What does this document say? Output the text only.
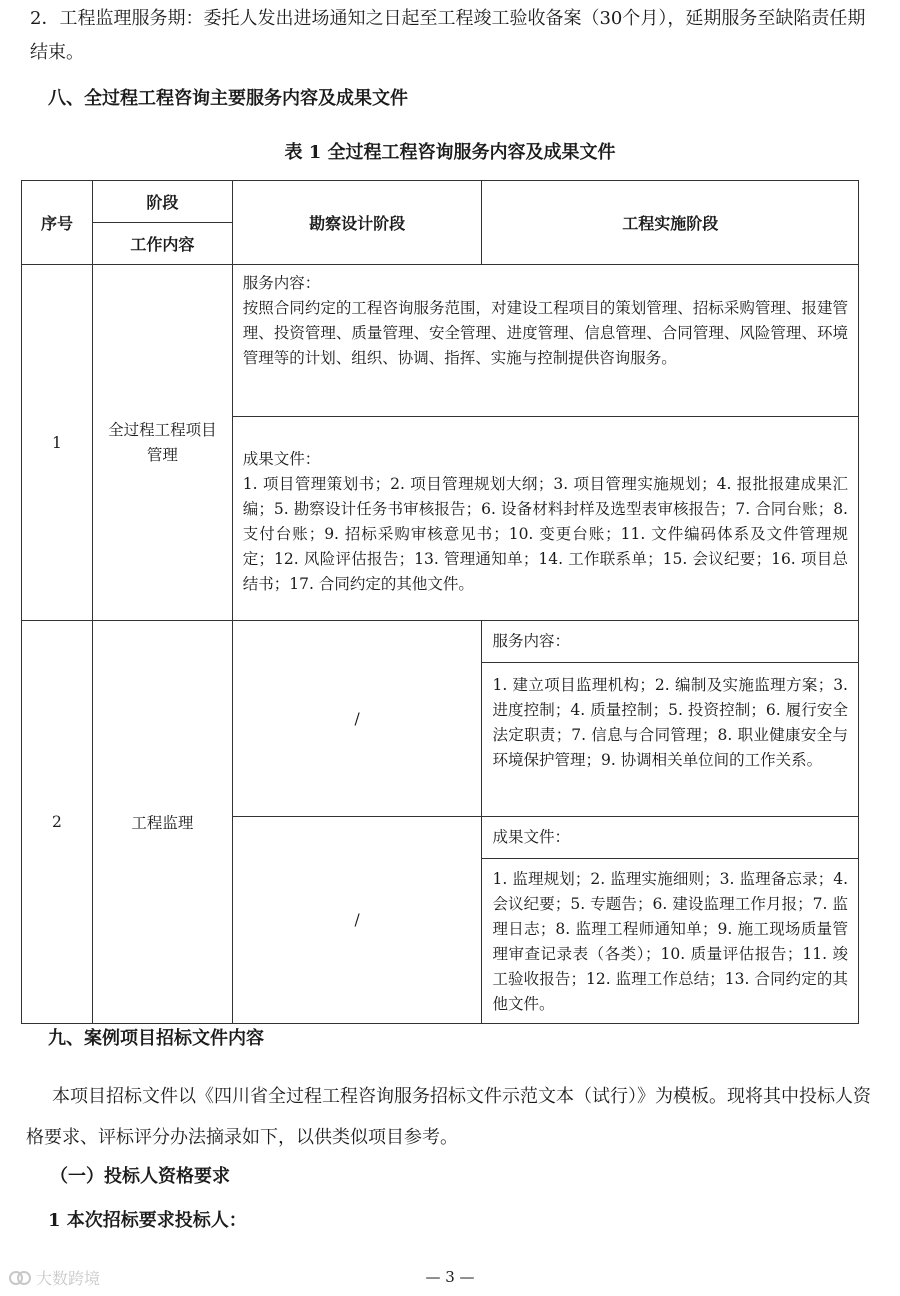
2．工程监理服务期：委托人发出进场通知之日起至工程竣工验收备案（30个月），延期服务至缺陷责任期结束。

八、全过程工程咨询主要服务内容及成果文件

表 1 全过程工程咨询服务内容及成果文件
序号	阶段	勘察设计阶段	工程实施阶段
	工作内容		
1	全过程工程项目管理	服务内容：
按照合同约定的工程咨询服务范围，对建设工程项目的策划管理、招标采购管理、报建管理、投资管理、质量管理、安全管理、进度管理、信息管理、合同管理、风险管理、环境管理等的计划、组织、协调、指挥、实施与控制提供咨询服务。	

		成果文件：
1. 项目管理策划书；2. 项目管理规划大纲；3. 项目管理实施规划；4. 报批报建成果汇编；5. 勘察设计任务书审核报告；6. 设备材料封样及选型表审核报告；7. 合同台账；8. 支付台账；9. 招标采购审核意见书；10. 变更台账；11. 文件编码体系及文件管理规定；12. 风险评估报告；13. 管理通知单；14. 工作联系单；15. 会议纪要；16. 项目总结书；17. 合同约定的其他文件。	

2	工程监理	/	服务内容：
			1. 建立项目监理机构；2. 编制及实施监理方案；3. 进度控制；4. 质量控制；5. 投资控制；6. 履行安全法定职责；7. 信息与合同管理；8. 职业健康安全与环境保护管理；9. 协调相关单位间的工作关系。
		/	成果文件：
			1. 监理规划；2. 监理实施细则；3. 监理备忘录；4. 会议纪要；5. 专题告；6. 建设监理工作月报；7. 监理日志；8. 监理工程师通知单；9. 施工现场质量管理审查记录表（各类）；10. 质量评估报告；11. 竣工验收报告；12. 监理工作总结；13. 合同约定的其他文件。

九、案例项目招标文件内容

本项目招标文件以《四川省全过程工程咨询服务招标文件示范文本（试行）》为模板。现将其中投标人资格要求、评标评分办法摘录如下，以供类似项目参考。

（一）投标人资格要求

1 本次招标要求投标人：

大数跨境	— 3 —
